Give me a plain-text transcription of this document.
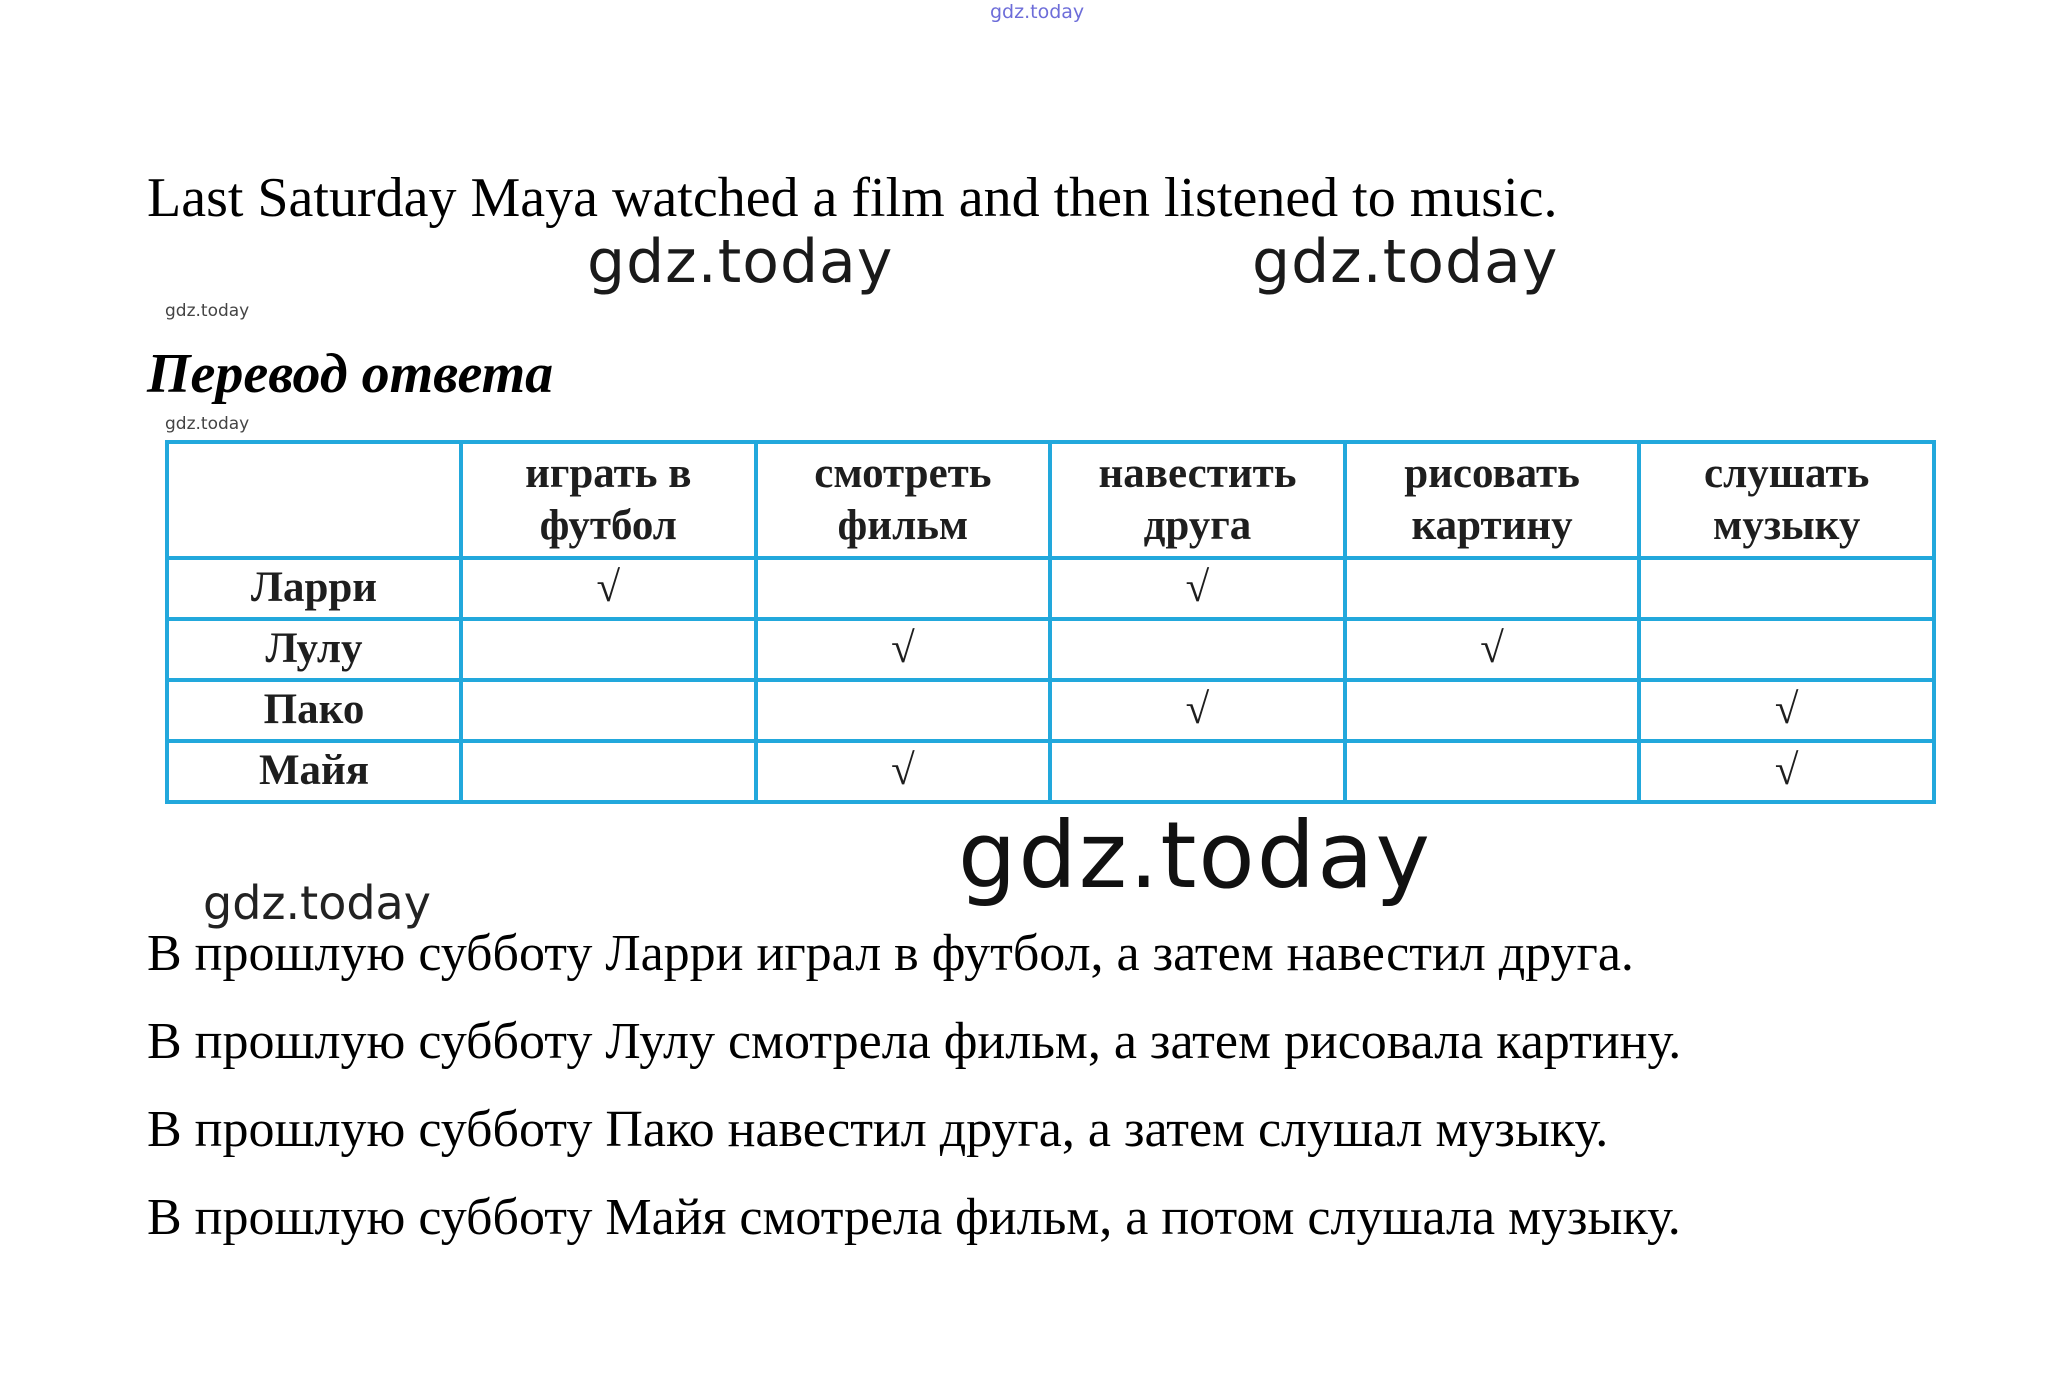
gdz.today
Last Saturday Maya watched a film and then listened to music.
gdz.today	gdz.today
gdz.today
Перевод ответа
gdz.today
	играть в футбол	смотреть фильм	навестить друга	рисовать картину	слушать музыку
Ларри	√		√		
Лулу		√		√	
Пако			√		√
Майя		√			√
gdz.today
В прошлую субботу Ларри играл в футбол, а затем навестил друга.
В прошлую субботу Лулу смотрела фильм, а затем рисовала картину.
В прошлую субботу Пако навестил друга, а затем слушал музыку.
В прошлую субботу Майя смотрела фильм, а потом слушала музыку.
gdz.today
